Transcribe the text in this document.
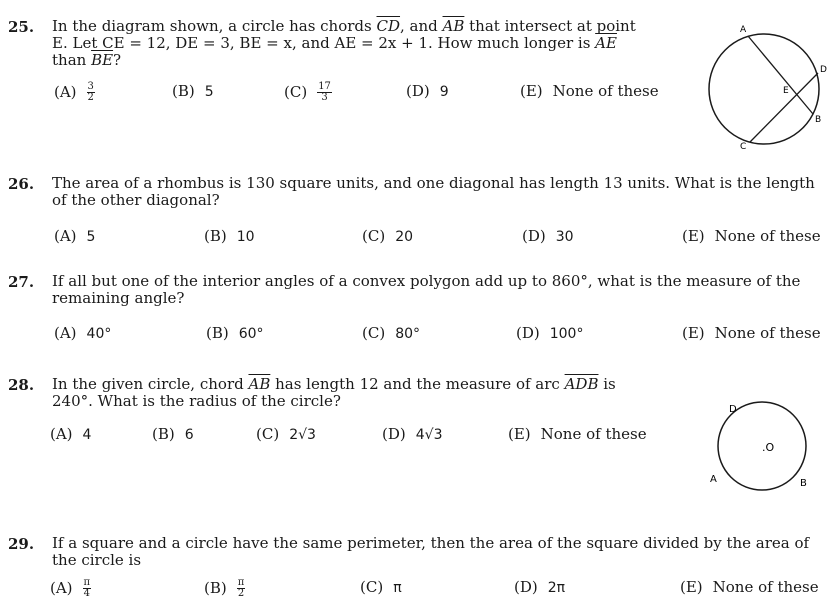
25. In the diagram shown, a circle has chords $\overline{CD}$, and $\overline{AB}$ that intersect at point
E. Let CE = 12, DE = 3, BE = x, and AE = 2x + 1. How much longer is $\overline{AE}$
than $\overline{BE}$?
$(A) \frac{3}{2}$	(B) 5	$(C) \frac{17}{3}$	(D) 9	(E) None of these
A
D
E
B
C
26. The area of a rhombus is 130 square units, and one diagonal has length 13 units. What is the length
of the other diagonal?
(A) 5	(B) 10	(C) 20	(D) 30	(E) None of these
27. If all but one of the interior angles of a convex polygon add up to 860°, what is the measure of the
remaining angle?
(A) 40°	(B) 60°	(C) 80°	(D) 100°	(E) None of these
28. In the given circle, chord $\overline{AB}$ has length 12 and the measure of arc $\overline{ADB}$ is
240°. What is the radius of the circle?
(A) 4	(B) 6	(C) 2√3	(D) 4√3	(E) None of these
D
.O
A	B
29. If a square and a circle have the same perimeter, then the area of the square divided by the area of
the circle is
$(A) \frac{\pi}{4}$	$(B) \frac{\pi}{2}$	(C) π	(D) 2π	(E) None of these
